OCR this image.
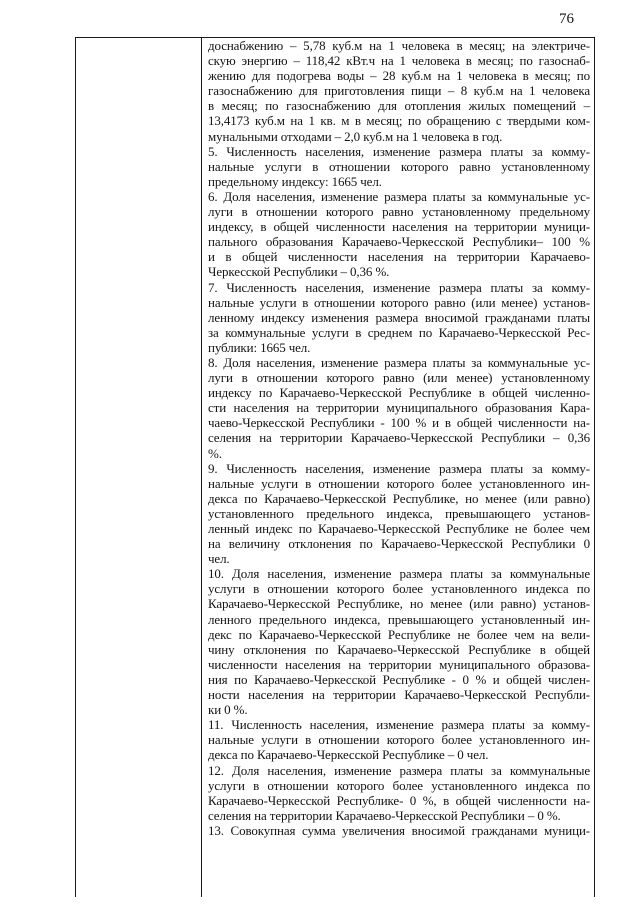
76
доснабжению – 5,78 куб.м на 1 человека в месяц; на электриче-
скую энергию – 118,42 кВт.ч на 1 человека в месяц; по газоснаб-
жению для подогрева воды – 28 куб.м на 1 человека в месяц; по
газоснабжению для приготовления пищи – 8 куб.м на 1 человека
в месяц; по газоснабжению для отопления жилых помещений –
13,4173 куб.м на 1 кв. м в месяц; по обращению с твердыми ком-
мунальными отходами – 2,0 куб.м на 1 человека в год.
5. Численность населения, изменение размера платы за комму-
нальные услуги в отношении которого равно установленному
предельному индексу: 1665 чел.
6. Доля населения, изменение размера платы за коммунальные ус-
луги в отношении которого равно установленному предельному
индексу, в общей численности населения на территории муници-
пального образования Карачаево-Черкесской Республики– 100 %
и в общей численности населения на территории Карачаево-
Черкесской Республики – 0,36 %.
7. Численность населения, изменение размера платы за комму-
нальные услуги в отношении которого равно (или менее) установ-
ленному индексу изменения размера вносимой гражданами платы
за коммунальные услуги в среднем по Карачаево-Черкесской Рес-
публики: 1665 чел.
8. Доля населения, изменение размера платы за коммунальные ус-
луги в отношении которого равно (или менее) установленному
индексу по Карачаево-Черкесской Республике в общей численно-
сти населения на территории муниципального образования Кара-
чаево-Черкесской Республики - 100 % и в общей численности на-
селения на территории Карачаево-Черкесской Республики – 0,36
%.
9. Численность населения, изменение размера платы за комму-
нальные услуги в отношении которого более установленного ин-
декса по Карачаево-Черкесской Республике, но менее (или равно)
установленного предельного индекса, превышающего установ-
ленный индекс по Карачаево-Черкесской Республике не более чем
на величину отклонения по Карачаево-Черкесской Республики 0
чел.
10. Доля населения, изменение размера платы за коммунальные
услуги в отношении которого более установленного индекса по
Карачаево-Черкесской Республике, но менее (или равно) установ-
ленного предельного индекса, превышающего установленный ин-
декс по Карачаево-Черкесской Республике не более чем на вели-
чину отклонения по Карачаево-Черкесской Республике в общей
численности населения на территории муниципального образова-
ния по Карачаево-Черкесской Республике - 0 % и общей числен-
ности населения на территории Карачаево-Черкесской Республи-
ки 0 %.
11. Численность населения, изменение размера платы за комму-
нальные услуги в отношении которого более установленного ин-
декса по Карачаево-Черкесской Республике – 0 чел.
12. Доля населения, изменение размера платы за коммунальные
услуги в отношении которого более установленного индекса по
Карачаево-Черкесской Республике- 0 %, в общей численности на-
селения на территории Карачаево-Черкесской Республики – 0 %.
13. Совокупная сумма увеличения вносимой гражданами муници-
